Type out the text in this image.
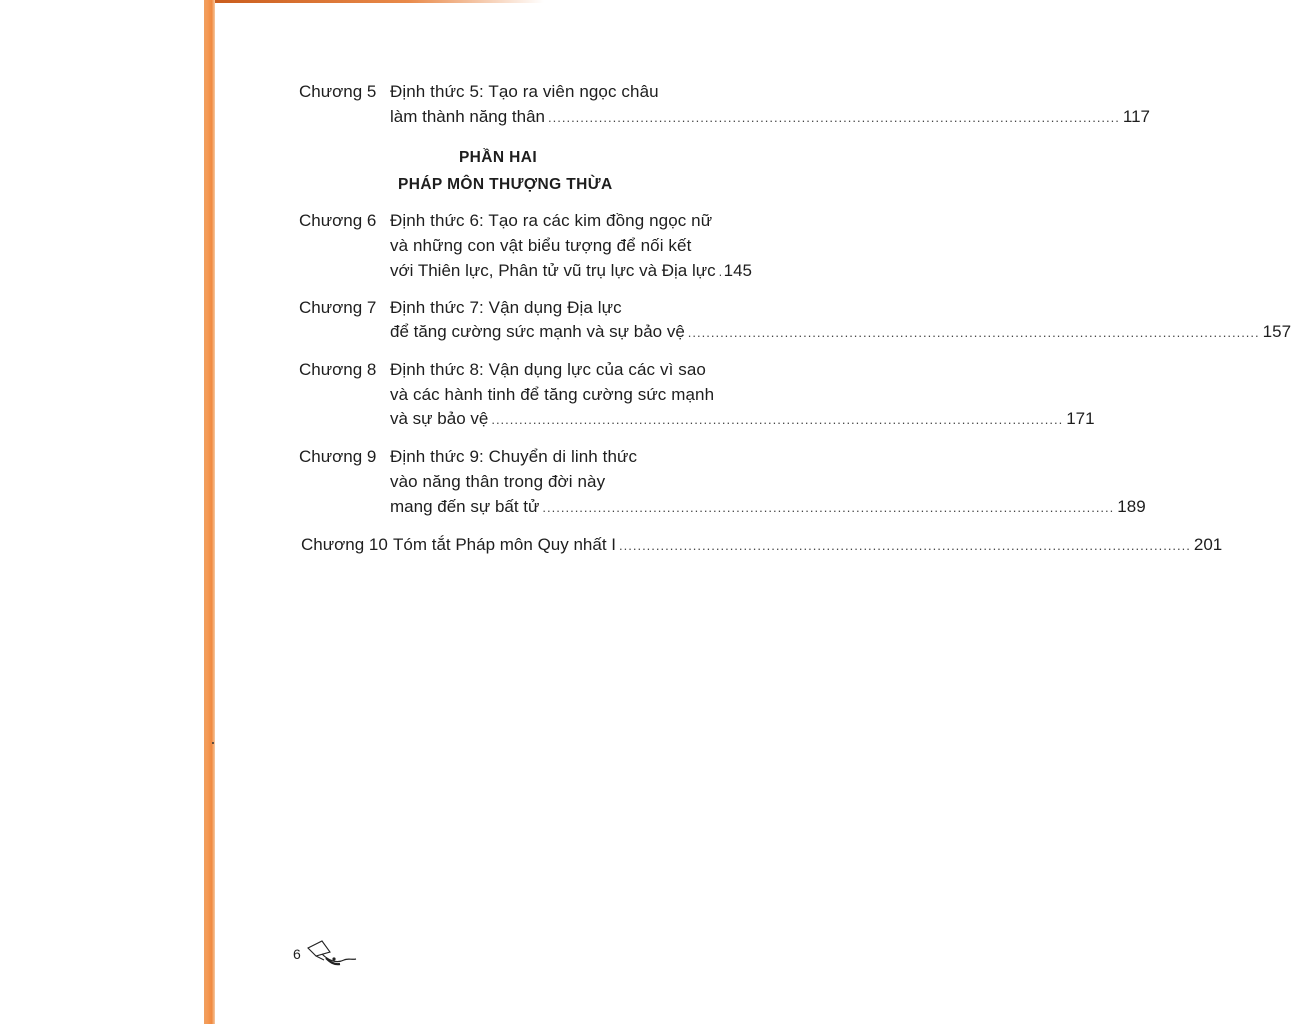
Chương 5 Định thức 5: Tạo ra viên ngọc châu
làm thành năng thân ............................................................................................................................ 117
PHẦN HAI
PHÁP MÔN THƯỢNG THỪA
Chương 6 Định thức 6: Tạo ra các kim đồng ngọc nữ
và những con vật biểu tượng để nối kết
với Thiên lực, Phân tử vũ trụ lực và Địa lực 145
Chương 7 Định thức 7: Vận dụng Địa lực
để tăng cường sức mạnh và sự bảo vệ ............................................................................................................................ 157
Chương 8 Định thức 8: Vận dụng lực của các vì sao
và các hành tinh để tăng cường sức mạnh
và sự bảo vệ ............................................................................................................................ 171
Chương 9 Định thức 9: Chuyển di linh thức
vào năng thân trong đời này
mang đến sự bất tử ............................................................................................................................ 189
Chương 10 Tóm tắt Pháp môn Quy nhất I ............................................................................................................................ 201
6
